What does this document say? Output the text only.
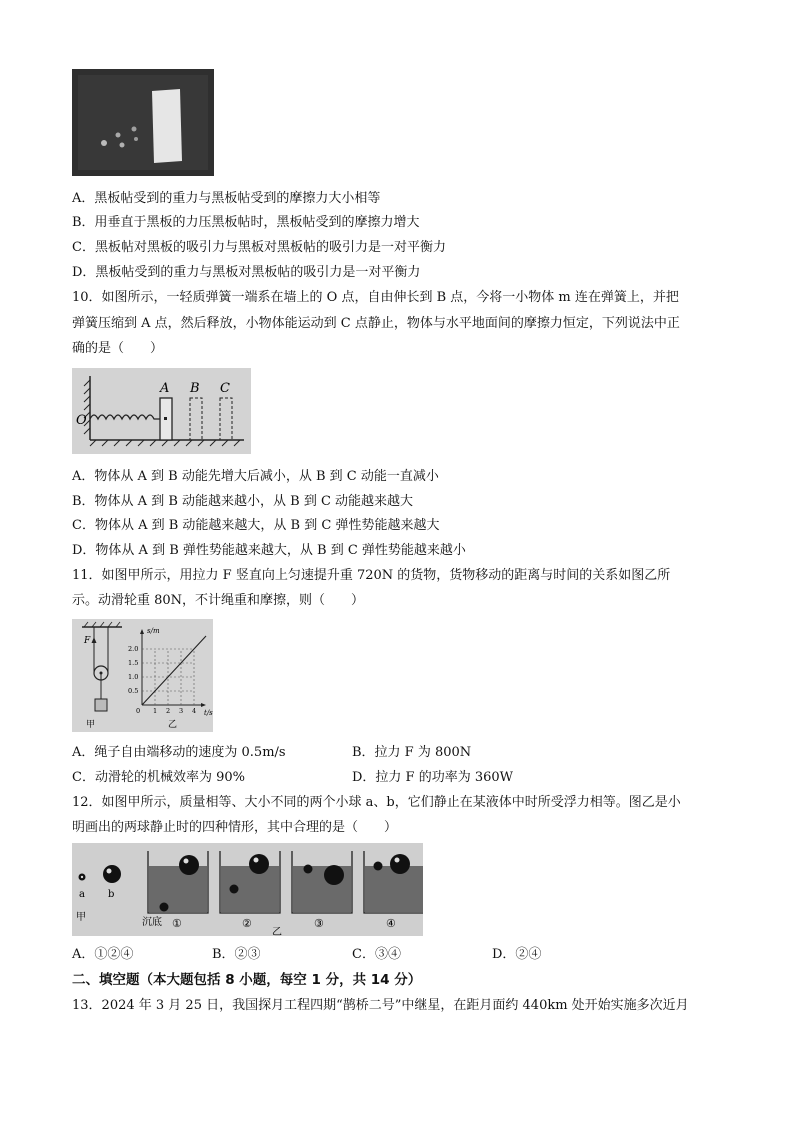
A．黑板帖受到的重力与黑板帖受到的摩擦力大小相等
B．用垂直于黑板的力压黑板帖时，黑板帖受到的摩擦力增大
C．黑板帖对黑板的吸引力与黑板对黑板帖的吸引力是一对平衡力
D．黑板帖受到的重力与黑板对黑板帖的吸引力是一对平衡力
10．如图所示，一轻质弹簧一端系在墙上的 O 点，自由伸长到 B 点，今将一小物体 m 连在弹簧上，并把
弹簧压缩到 A 点，然后释放，小物体能运动到 C 点静止，物体与水平地面间的摩擦力恒定，下列说法中正
确的是（　　）
O
A B C
A．物体从 A 到 B 动能先增大后减小，从 B 到 C 动能一直减小
B．物体从 A 到 B 动能越来越小，从 B 到 C 动能越来越大
C．物体从 A 到 B 动能越来越大，从 B 到 C 弹性势能越来越大
D．物体从 A 到 B 弹性势能越来越大，从 B 到 C 弹性势能越来越小
11．如图甲所示，用拉力 F 竖直向上匀速提升重 720N 的货物，货物移动的距离与时间的关系如图乙所
示。动滑轮重 80N，不计绳重和摩擦，则（　　）
F
甲
s/m
t/s
0
2.0
1.5
1.0
0.5
1 2 3 4
乙
A．绳子自由端移动的速度为 0.5m/s	B．拉力 F 为 800N
C．动滑轮的机械效率为 90%	D．拉力 F 的功率为 360W
12．如图甲所示，质量相等、大小不同的两个小球 a、b，它们静止在某液体中时所受浮力相等。图乙是小
明画出的两球静止时的四种情形，其中合理的是（　　）
a b
甲	沉底 ①	②	③	④
乙
A．①②④	B．②③	C．③④	D．②④
二、填空题（本大题包括 8 小题，每空 1 分，共 14 分）
13．2024 年 3 月 25 日，我国探月工程四期“鹊桥二号”中继星，在距月面约 440km 处开始实施多次近月
